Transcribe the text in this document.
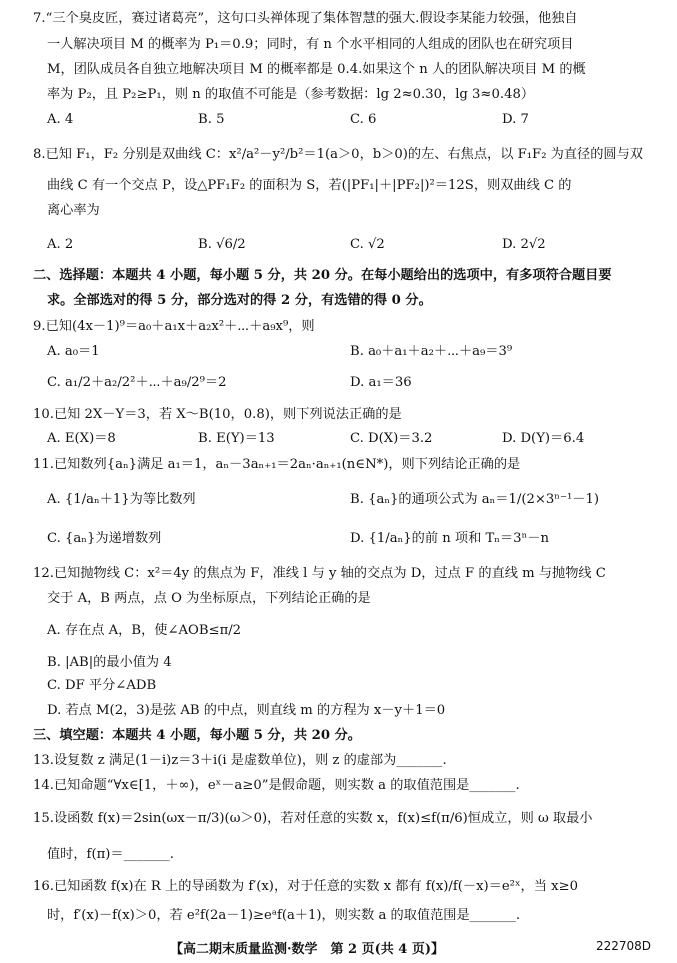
7.“三个臭皮匠，赛过诸葛亮”，这句口头禅体现了集体智慧的强大.假设李某能力较强，他独自
一人解决项目 M 的概率为 P₁＝0.9；同时，有 n 个水平相同的人组成的团队也在研究项目
M，团队成员各自独立地解决项目 M 的概率都是 0.4.如果这个 n 人的团队解决项目 M 的概
率为 P₂，且 P₂≥P₁，则 n 的取值不可能是（参考数据：lg 2≈0.30，lg 3≈0.48）
A. 4	B. 5	C. 6	D. 7
8.已知 F₁，F₂ 分别是双曲线 C：x²/a²－y²/b²＝1(a＞0，b＞0)的左、右焦点，以 F₁F₂ 为直径的圆与双
曲线 C 有一个交点 P，设△PF₁F₂ 的面积为 S，若(|PF₁|＋|PF₂|)²＝12S，则双曲线 C 的
离心率为
A. 2	B. √6/2	C. √2	D. 2√2
二、选择题：本题共 4 小题，每小题 5 分，共 20 分。在每小题给出的选项中，有多项符合题目要
求。全部选对的得 5 分，部分选对的得 2 分，有选错的得 0 分。
9.已知(4x－1)⁹＝a₀＋a₁x＋a₂x²＋⋯＋a₉x⁹，则
A. a₀＝1	B. a₀＋a₁＋a₂＋⋯＋a₉＝3⁹
C. a₁/2＋a₂/2²＋⋯＋a₉/2⁹＝2	D. a₁＝36
10.已知 2X－Y＝3，若 X～B(10，0.8)，则下列说法正确的是
A. E(X)＝8	B. E(Y)＝13	C. D(X)＝3.2	D. D(Y)＝6.4
11.已知数列{aₙ}满足 a₁＝1，aₙ－3aₙ₊₁＝2aₙ·aₙ₊₁(n∈N*)，则下列结论正确的是
A. {1/aₙ＋1}为等比数列	B. {aₙ}的通项公式为 aₙ＝1/(2×3ⁿ⁻¹－1)
C. {aₙ}为递增数列	D. {1/aₙ}的前 n 项和 Tₙ＝3ⁿ－n
12.已知抛物线 C：x²＝4y 的焦点为 F，准线 l 与 y 轴的交点为 D，过点 F 的直线 m 与抛物线 C
交于 A，B 两点，点 O 为坐标原点，下列结论正确的是
A. 存在点 A，B，使∠AOB≤π/2
B. |AB|的最小值为 4
C. DF 平分∠ADB
D. 若点 M(2，3)是弦 AB 的中点，则直线 m 的方程为 x－y＋1＝0
三、填空题：本题共 4 小题，每小题 5 分，共 20 分。
13.设复数 z 满足(1－i)z＝3＋i(i 是虚数单位)，则 z 的虚部为_______.
14.已知命题“∀x∈[1，＋∞)，eˣ－a≥0”是假命题，则实数 a 的取值范围是_______.
15.设函数 f(x)＝2sin(ωx－π/3)(ω＞0)，若对任意的实数 x，f(x)≤f(π/6)恒成立，则 ω 取最小
值时，f(π)＝_______.
16.已知函数 f(x)在 R 上的导函数为 f′(x)，对于任意的实数 x 都有 f(x)/f(－x)＝e²ˣ，当 x≥0
时，f′(x)－f(x)＞0，若 e²f(2a－1)≥eᵃf(a＋1)，则实数 a 的取值范围是_______.
【高二期末质量监测·数学　第 2 页(共 4 页)】	222708D
